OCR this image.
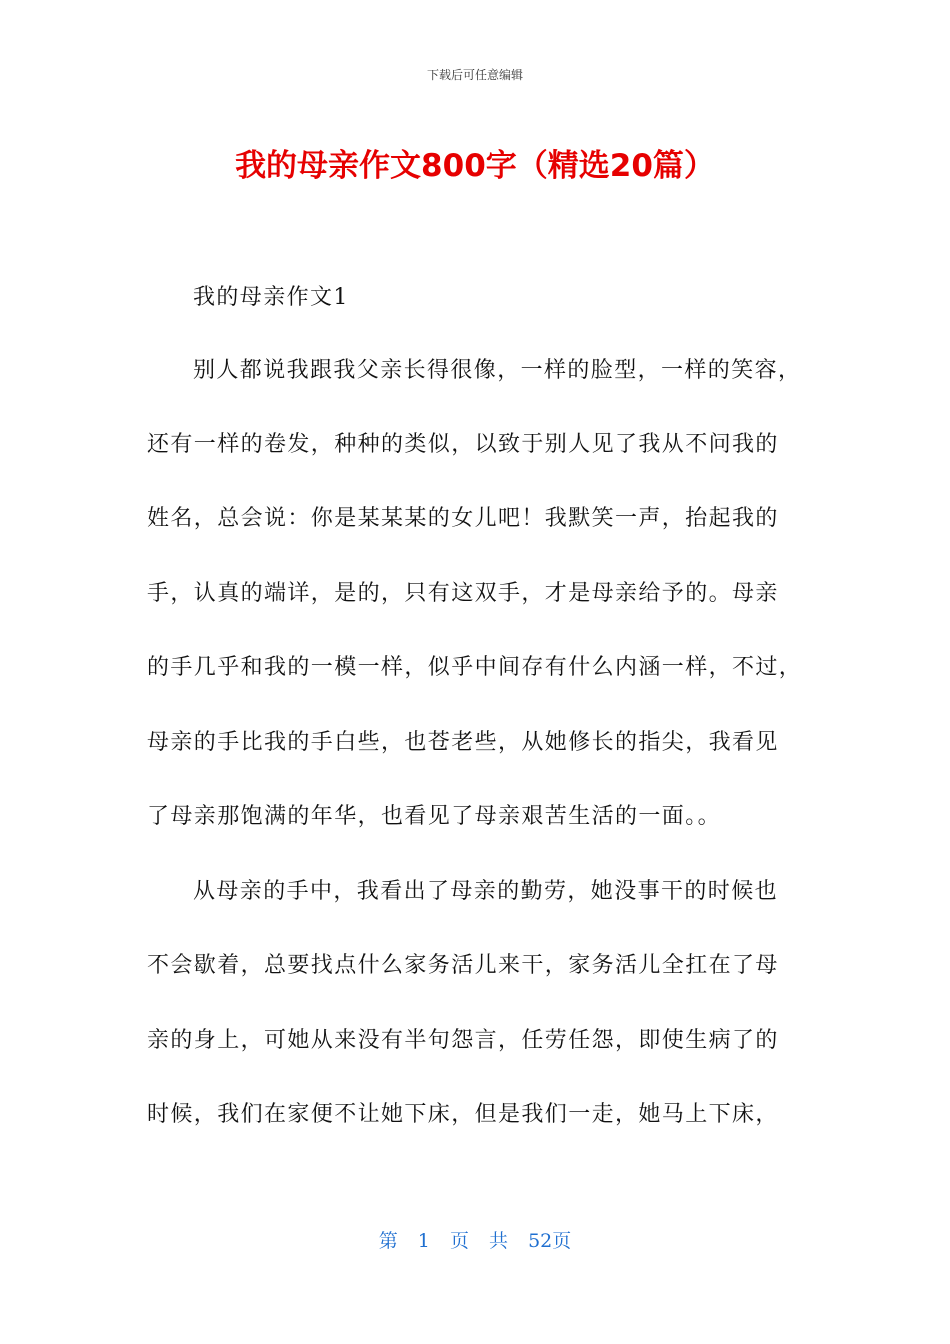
下载后可任意编辑
我的母亲作文800字（精选20篇）
我的母亲作文1
别人都说我跟我父亲长得很像，一样的脸型，一样的笑容，
还有一样的卷发，种种的类似，以致于别人见了我从不问我的
姓名，总会说：你是某某某的女儿吧！我默笑一声，抬起我的
手，认真的端详，是的，只有这双手，才是母亲给予的。母亲
的手几乎和我的一模一样，似乎中间存有什么内涵一样，不过，
母亲的手比我的手白些，也苍老些，从她修长的指尖，我看见
了母亲那饱满的年华，也看见了母亲艰苦生活的一面。。
从母亲的手中，我看出了母亲的勤劳，她没事干的时候也
不会歇着，总要找点什么家务活儿来干，家务活儿全扛在了母
亲的身上，可她从来没有半句怨言，任劳任怨，即使生病了的
时候，我们在家便不让她下床，但是我们一走，她马上下床，
第 1 页 共 52页
